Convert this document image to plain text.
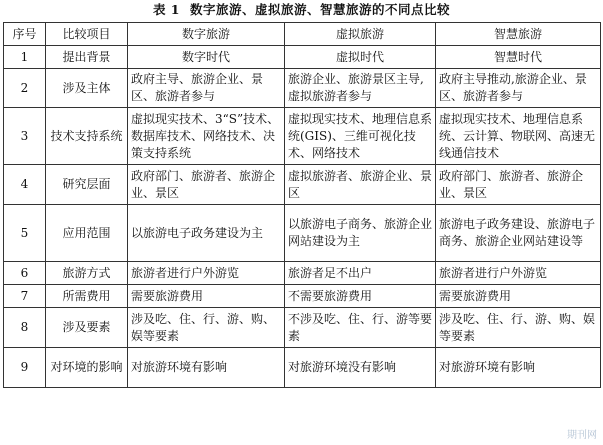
表 1 数字旅游、虚拟旅游、智慧旅游的不同点比较
序号	比较项目	数字旅游	虚拟旅游	智慧旅游
1	提出背景	数字时代	虚拟时代	智慧时代
2	涉及主体	政府主导、旅游企业、景区、旅游者参与	旅游企业、旅游景区主导,虚拟旅游者参与	政府主导推动,旅游企业、景区、旅游者参与
3	技术支持系统	虚拟现实技术、3“S”技术、数据库技术、网络技术、决策支持系统	虚拟现实技术、地理信息系统(GIS)、三维可视化技术、网络技术	虚拟现实技术、地理信息系统、云计算、物联网、高速无线通信技术
4	研究层面	政府部门、旅游者、旅游企业、景区	虚拟旅游者、旅游企业、景区	政府部门、旅游者、旅游企业、景区
5	应用范围	以旅游电子政务建设为主	以旅游电子商务、旅游企业网站建设为主	旅游电子政务建设、旅游电子商务、旅游企业网站建设等
6	旅游方式	旅游者进行户外游览	旅游者足不出户	旅游者进行户外游览
7	所需费用	需要旅游费用	不需要旅游费用	需要旅游费用
8	涉及要素	涉及吃、住、行、游、购、娱等要素	不涉及吃、住、行、游等要素	涉及吃、住、行、游、购、娱等要素
9	对环境的影响	对旅游环境有影响	对旅游环境没有影响	对旅游环境有影响
期刊网
